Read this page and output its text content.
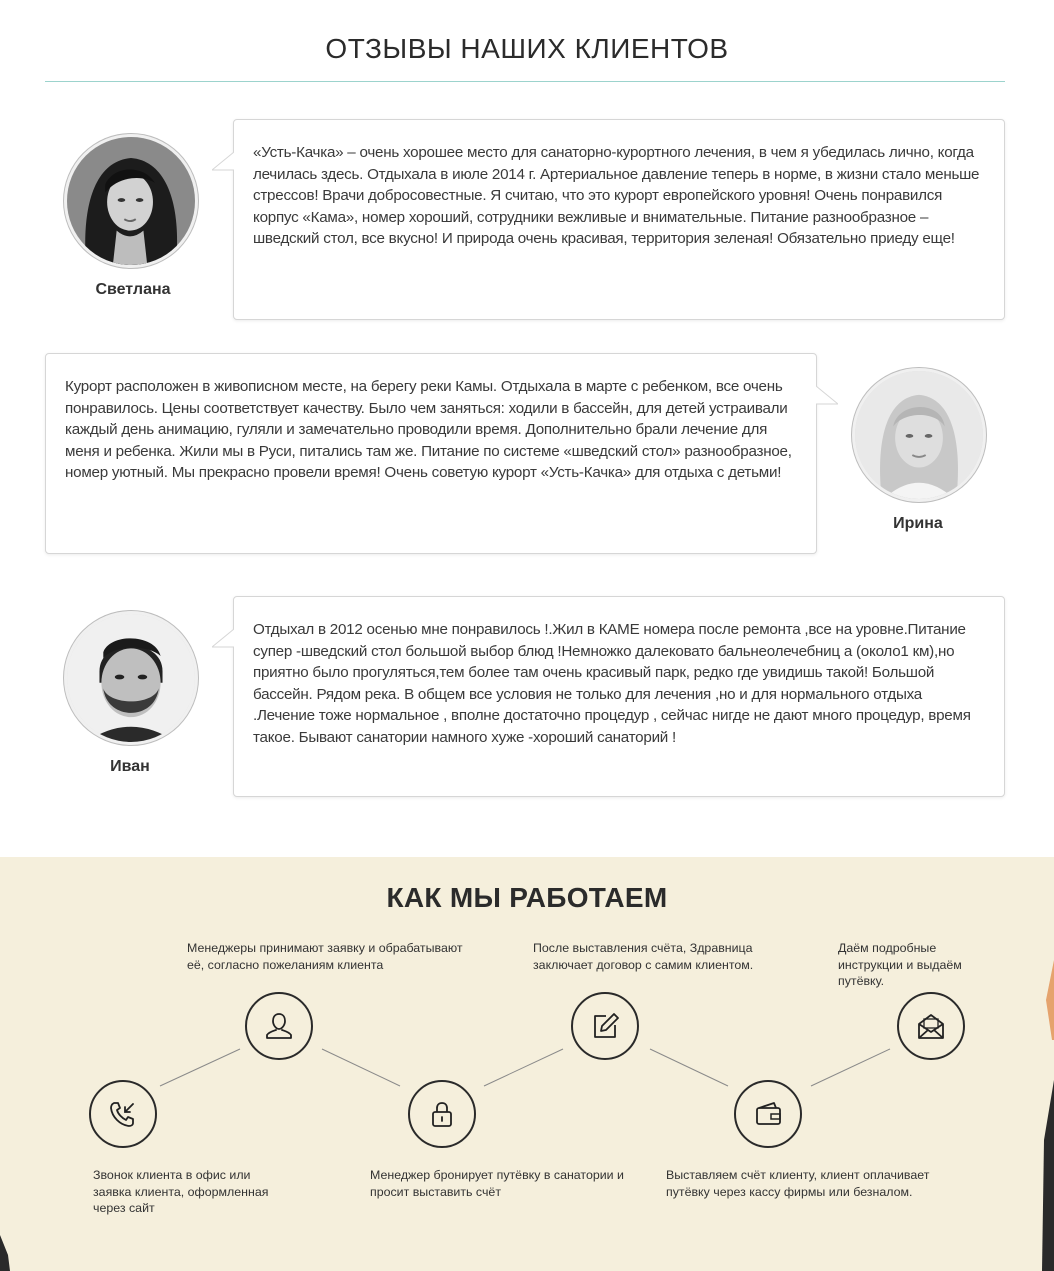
ОТЗЫВЫ НАШИХ КЛИЕНТОВ
Светлана
«Усть-Качка» – очень хорошее место для санаторно-курортного лечения, в чем я убедилась лично, когда лечилась здесь. Отдыхала в июле 2014 г. Артериальное давление теперь в норме, в жизни стало меньше стрессов! Врачи добросовестные. Я считаю, что это курорт европейского уровня! Очень понравился корпус «Кама», номер хороший, сотрудники вежливые и внимательные. Питание разнообразное – шведский стол, все вкусно! И природа очень красивая, территория зеленая! Обязательно приеду еще!
Курорт расположен в живописном месте, на берегу реки Камы. Отдыхала в марте с ребенком, все очень понравилось. Цены соответствует качеству. Было чем заняться: ходили в бассейн, для детей устраивали каждый день анимацию, гуляли и замечательно проводили время. Дополнительно брали лечение для меня и ребенка. Жили мы в Руси, питались там же. Питание по системе «шведский стол» разнообразное, номер уютный. Мы прекрасно провели время! Очень советую курорт «Усть-Качка» для отдыха с детьми!
Ирина
Иван
Отдыхал в 2012 осенью мне понравилось !.Жил в КАМЕ номера после ремонта ,все на уровне.Питание супер -шведский стол большой выбор блюд !Немножко далековато бальнеолечебниц а (около1 км),но приятно было прогуляться,тем более там очень красивый парк, редко где увидишь такой! Большой бассейн. Рядом река. В общем все условия не только для лечения ,но и для нормального отдыха .Лечение тоже нормальное , вполне достаточно процедур , сейчас нигде не дают много процедур, время такое. Бывают санатории намного хуже -хороший санаторий !
КАК МЫ РАБОТАЕМ
Звонок клиента в офис или заявка клиента, оформленная через сайт
Менеджеры принимают заявку и обрабатывают её, согласно пожеланиям клиента
Менеджер бронирует путёвку в санатории и просит выставить счёт
После выставления счёта, Здравница заключает договор с самим клиентом.
Выставляем счёт клиенту, клиент оплачивает путёвку через кассу фирмы или безналом.
Даём подробные инструкции и выдаём путёвку.
